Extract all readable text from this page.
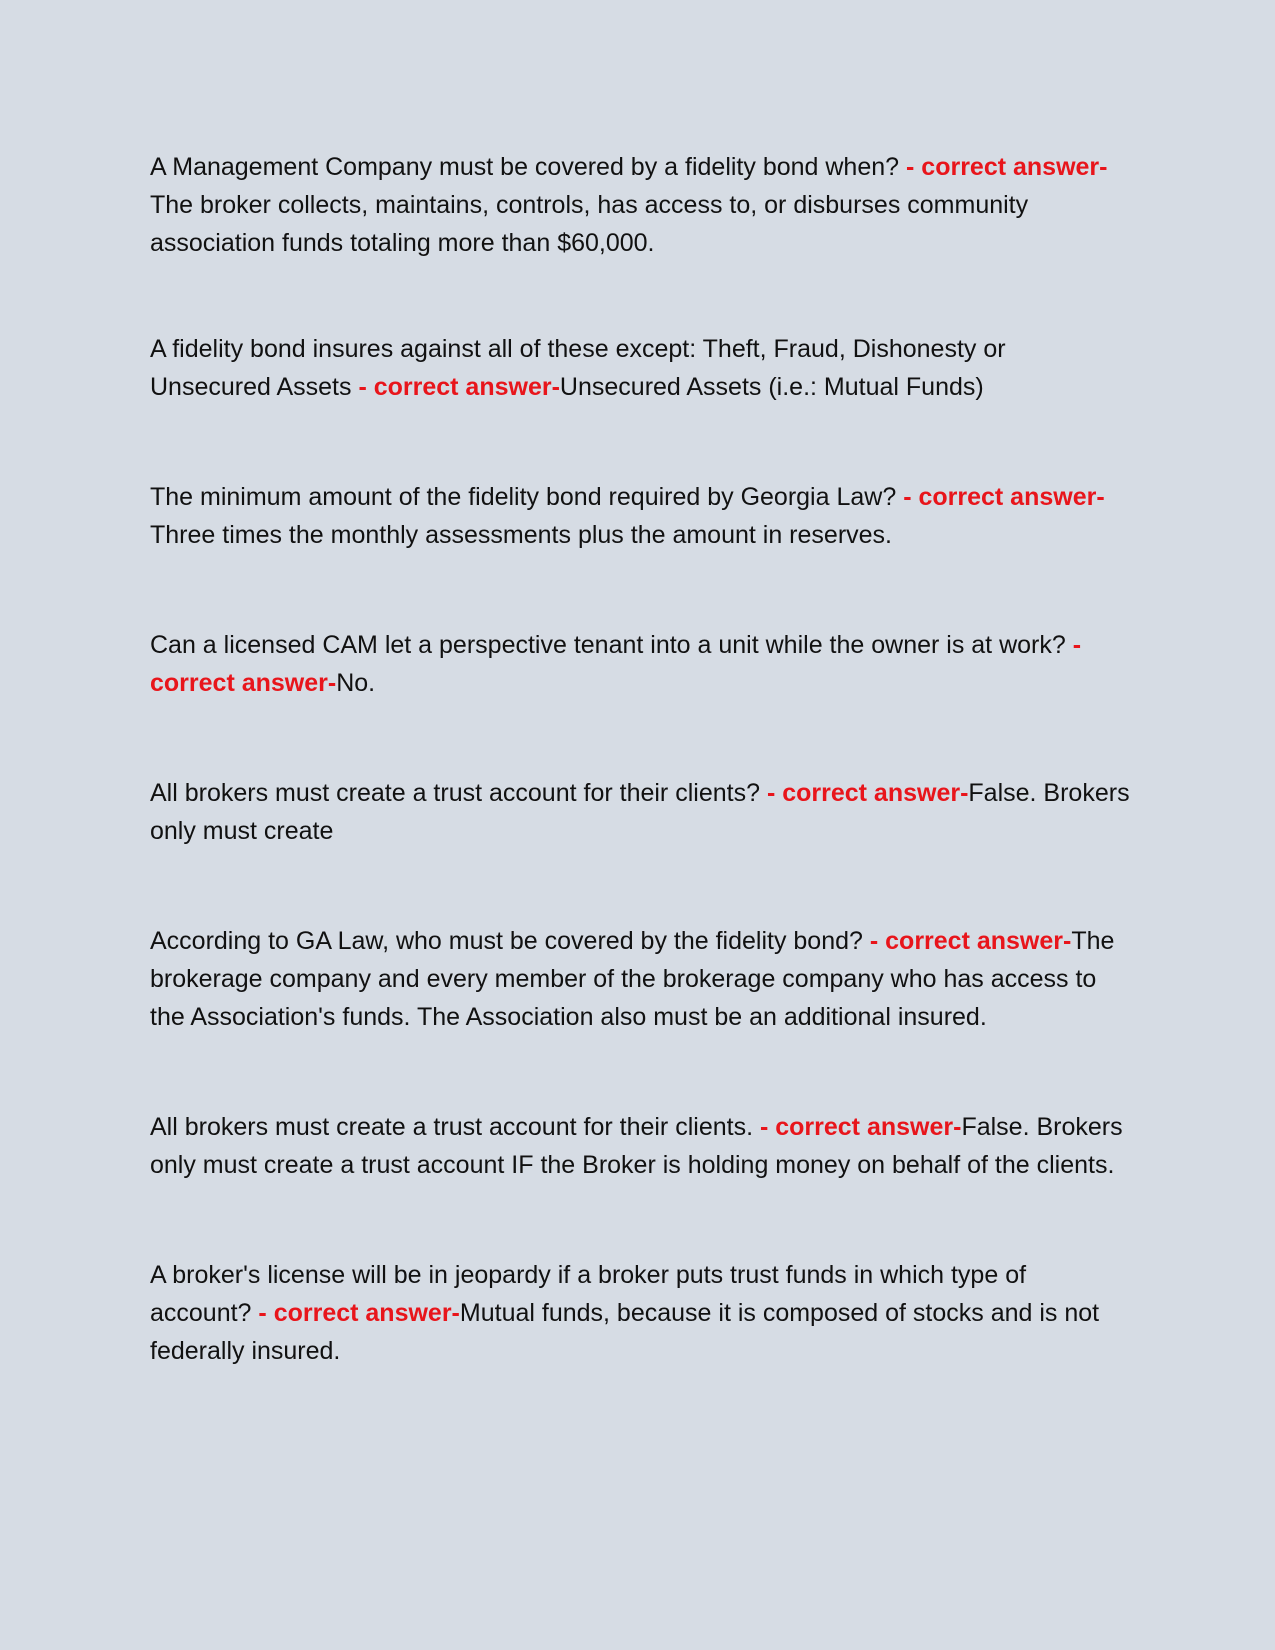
A Management Company must be covered by a fidelity bond when? - correct answer-The broker collects, maintains, controls, has access to, or disburses community association funds totaling more than $60,000.

A fidelity bond insures against all of these except: Theft, Fraud, Dishonesty or Unsecured Assets - correct answer-Unsecured Assets (i.e.: Mutual Funds)

The minimum amount of the fidelity bond required by Georgia Law? - correct answer-Three times the monthly assessments plus the amount in reserves.

Can a licensed CAM let a perspective tenant into a unit while the owner is at work? - correct answer-No.

All brokers must create a trust account for their clients? - correct answer-False. Brokers only must create

According to GA Law, who must be covered by the fidelity bond? - correct answer-The brokerage company and every member of the brokerage company who has access to the Association's funds. The Association also must be an additional insured.

All brokers must create a trust account for their clients. - correct answer-False. Brokers only must create a trust account IF the Broker is holding money on behalf of the clients.

A broker's license will be in jeopardy if a broker puts trust funds in which type of account? - correct answer-Mutual funds, because it is composed of stocks and is not federally insured.
